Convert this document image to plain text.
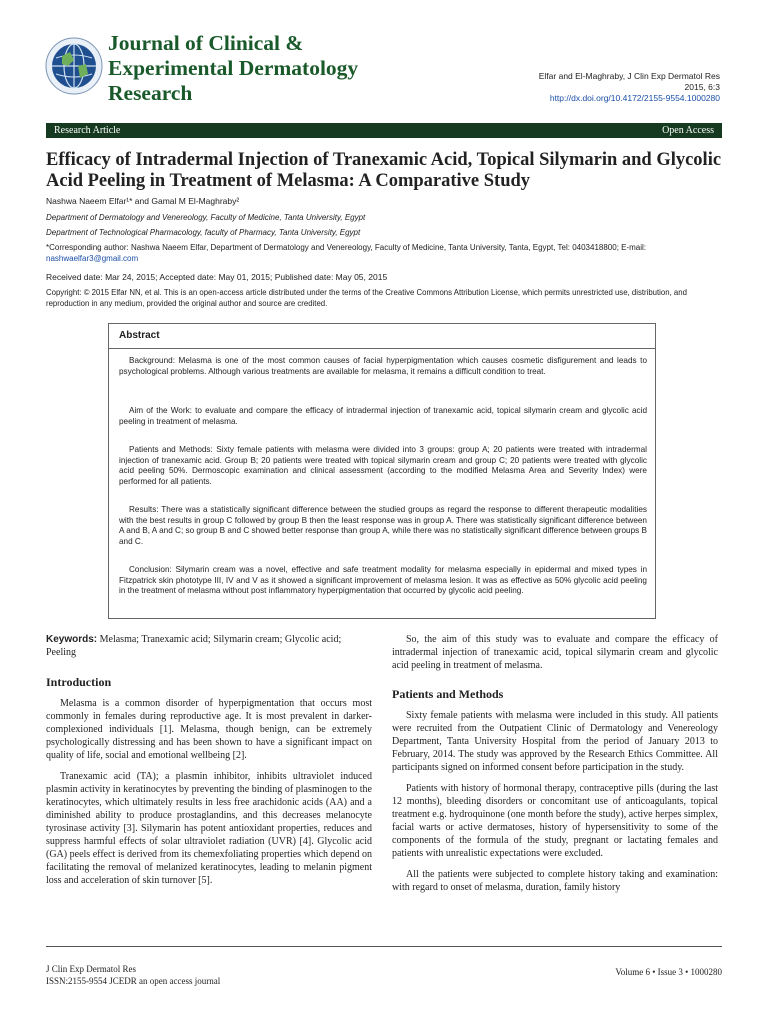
Journal of Clinical &
Experimental Dermatology
Research
Elfar and El-Maghraby, J Clin Exp Dermatol Res
2015, 6:3
http://dx.doi.org/10.4172/2155-9554.1000280
Research Article	Open Access
Efficacy of Intradermal Injection of Tranexamic Acid, Topical Silymarin and Glycolic Acid Peeling in Treatment of Melasma: A Comparative Study
Nashwa Naeem Elfar¹* and Gamal M El-Maghraby²
Department of Dermatology and Venereology, Faculty of Medicine, Tanta University, Egypt
Department of Technological Pharmacology, faculty of Pharmacy, Tanta University, Egypt
*Corresponding author: Nashwa Naeem Elfar, Department of Dermatology and Venereology, Faculty of Medicine, Tanta University, Tanta, Egypt, Tel: 0403418800; E-mail:
nashwaelfar3@gmail.com
Received date: Mar 24, 2015; Accepted date: May 01, 2015; Published date: May 05, 2015
Copyright: © 2015 Elfar NN, et al. This is an open-access article distributed under the terms of the Creative Commons Attribution License, which permits unrestricted use, distribution, and reproduction in any medium, provided the original author and source are credited.
Abstract
Background: Melasma is one of the most common causes of facial hyperpigmentation which causes cosmetic disfigurement and leads to psychological problems. Although various treatments are available for melasma, it remains a difficult condition to treat.
Aim of the Work: to evaluate and compare the efficacy of intradermal injection of tranexamic acid, topical silymarin cream and glycolic acid peeling in treatment of melasma.
Patients and Methods: Sixty female patients with melasma were divided into 3 groups: group A; 20 patients were treated with intradermal injection of tranexamic acid. Group B; 20 patients were treated with topical silymarin cream and group C; 20 patients were treated with glycolic acid peeling 50%. Dermoscopic examination and clinical assessment (according to the modified Melasma Area and Severity Index) were performed for all patients.
Results: There was a statistically significant difference between the studied groups as regard the response to different therapeutic modalities with the best results in group C followed by group B then the least response was in group A. There was statistically significant difference between A and B, A and C; so group B and C showed better response than group A, while there was no statistically significant difference between groups B and C.
Conclusion: Silymarin cream was a novel, effective and safe treatment modality for melasma especially in epidermal and mixed types in Fitzpatrick skin phototype III, IV and V as it showed a significant improvement of melasma lesion. It was as effective as 50% glycolic acid peeling in the treatment of melasma without post inflammatory hyperpigmentation that occurred by glycolic acid peeling.
Keywords: Melasma; Tranexamic acid; Silymarin cream; Glycolic acid; Peeling
Introduction

Melasma is a common disorder of hyperpigmentation that occurs most commonly in females during reproductive age. It is most prevalent in darker-complexioned individuals [1]. Melasma, though benign, can be extremely psychologically distressing and has been shown to have a significant impact on quality of life, social and emotional wellbeing [2].

Tranexamic acid (TA); a plasmin inhibitor, inhibits ultraviolet induced plasmin activity in keratinocytes by preventing the binding of plasminogen to the keratinocytes, which ultimately results in less free arachidonic acids (AA) and a diminished ability to produce prostaglandins, and this decreases melanocyte tyrosinase activity [3]. Silymarin has potent antioxidant properties, reduces and suppress harmful effects of solar ultraviolet radiation (UVR) [4]. Glycolic acid (GA) peels effect is derived from its chemexfoliating properties which depend on facilitating the removal of melanized keratinocytes, leading to melanin pigment loss and acceleration of skin turnover [5].

So, the aim of this study was to evaluate and compare the efficacy of intradermal injection of tranexamic acid, topical silymarin cream and glycolic acid peeling in treatment of melasma.

Patients and Methods

Sixty female patients with melasma were included in this study. All patients were recruited from the Outpatient Clinic of Dermatology and Venereology Department, Tanta University Hospital from the period of January 2013 to February, 2014. The study was approved by the Research Ethics Committee. All participants signed on informed consent before participation in the study.

Patients with history of hormonal therapy, contraceptive pills (during the last 12 months), bleeding disorders or concomitant use of anticoagulants, topical treatment e.g. hydroquinone (one month before the study), active herpes simplex, facial warts or active dermatoses, history of hypersensitivity to some of the components of the formula of the study, pregnant or lactating females and patients with unrealistic expectations were excluded.

All the patients were subjected to complete history taking and examination: with regard to onset of melasma, duration, family history

J Clin Exp Dermatol Res
ISSN:2155-9554 JCEDR an open access journal
Volume 6 • Issue 3 • 1000280
